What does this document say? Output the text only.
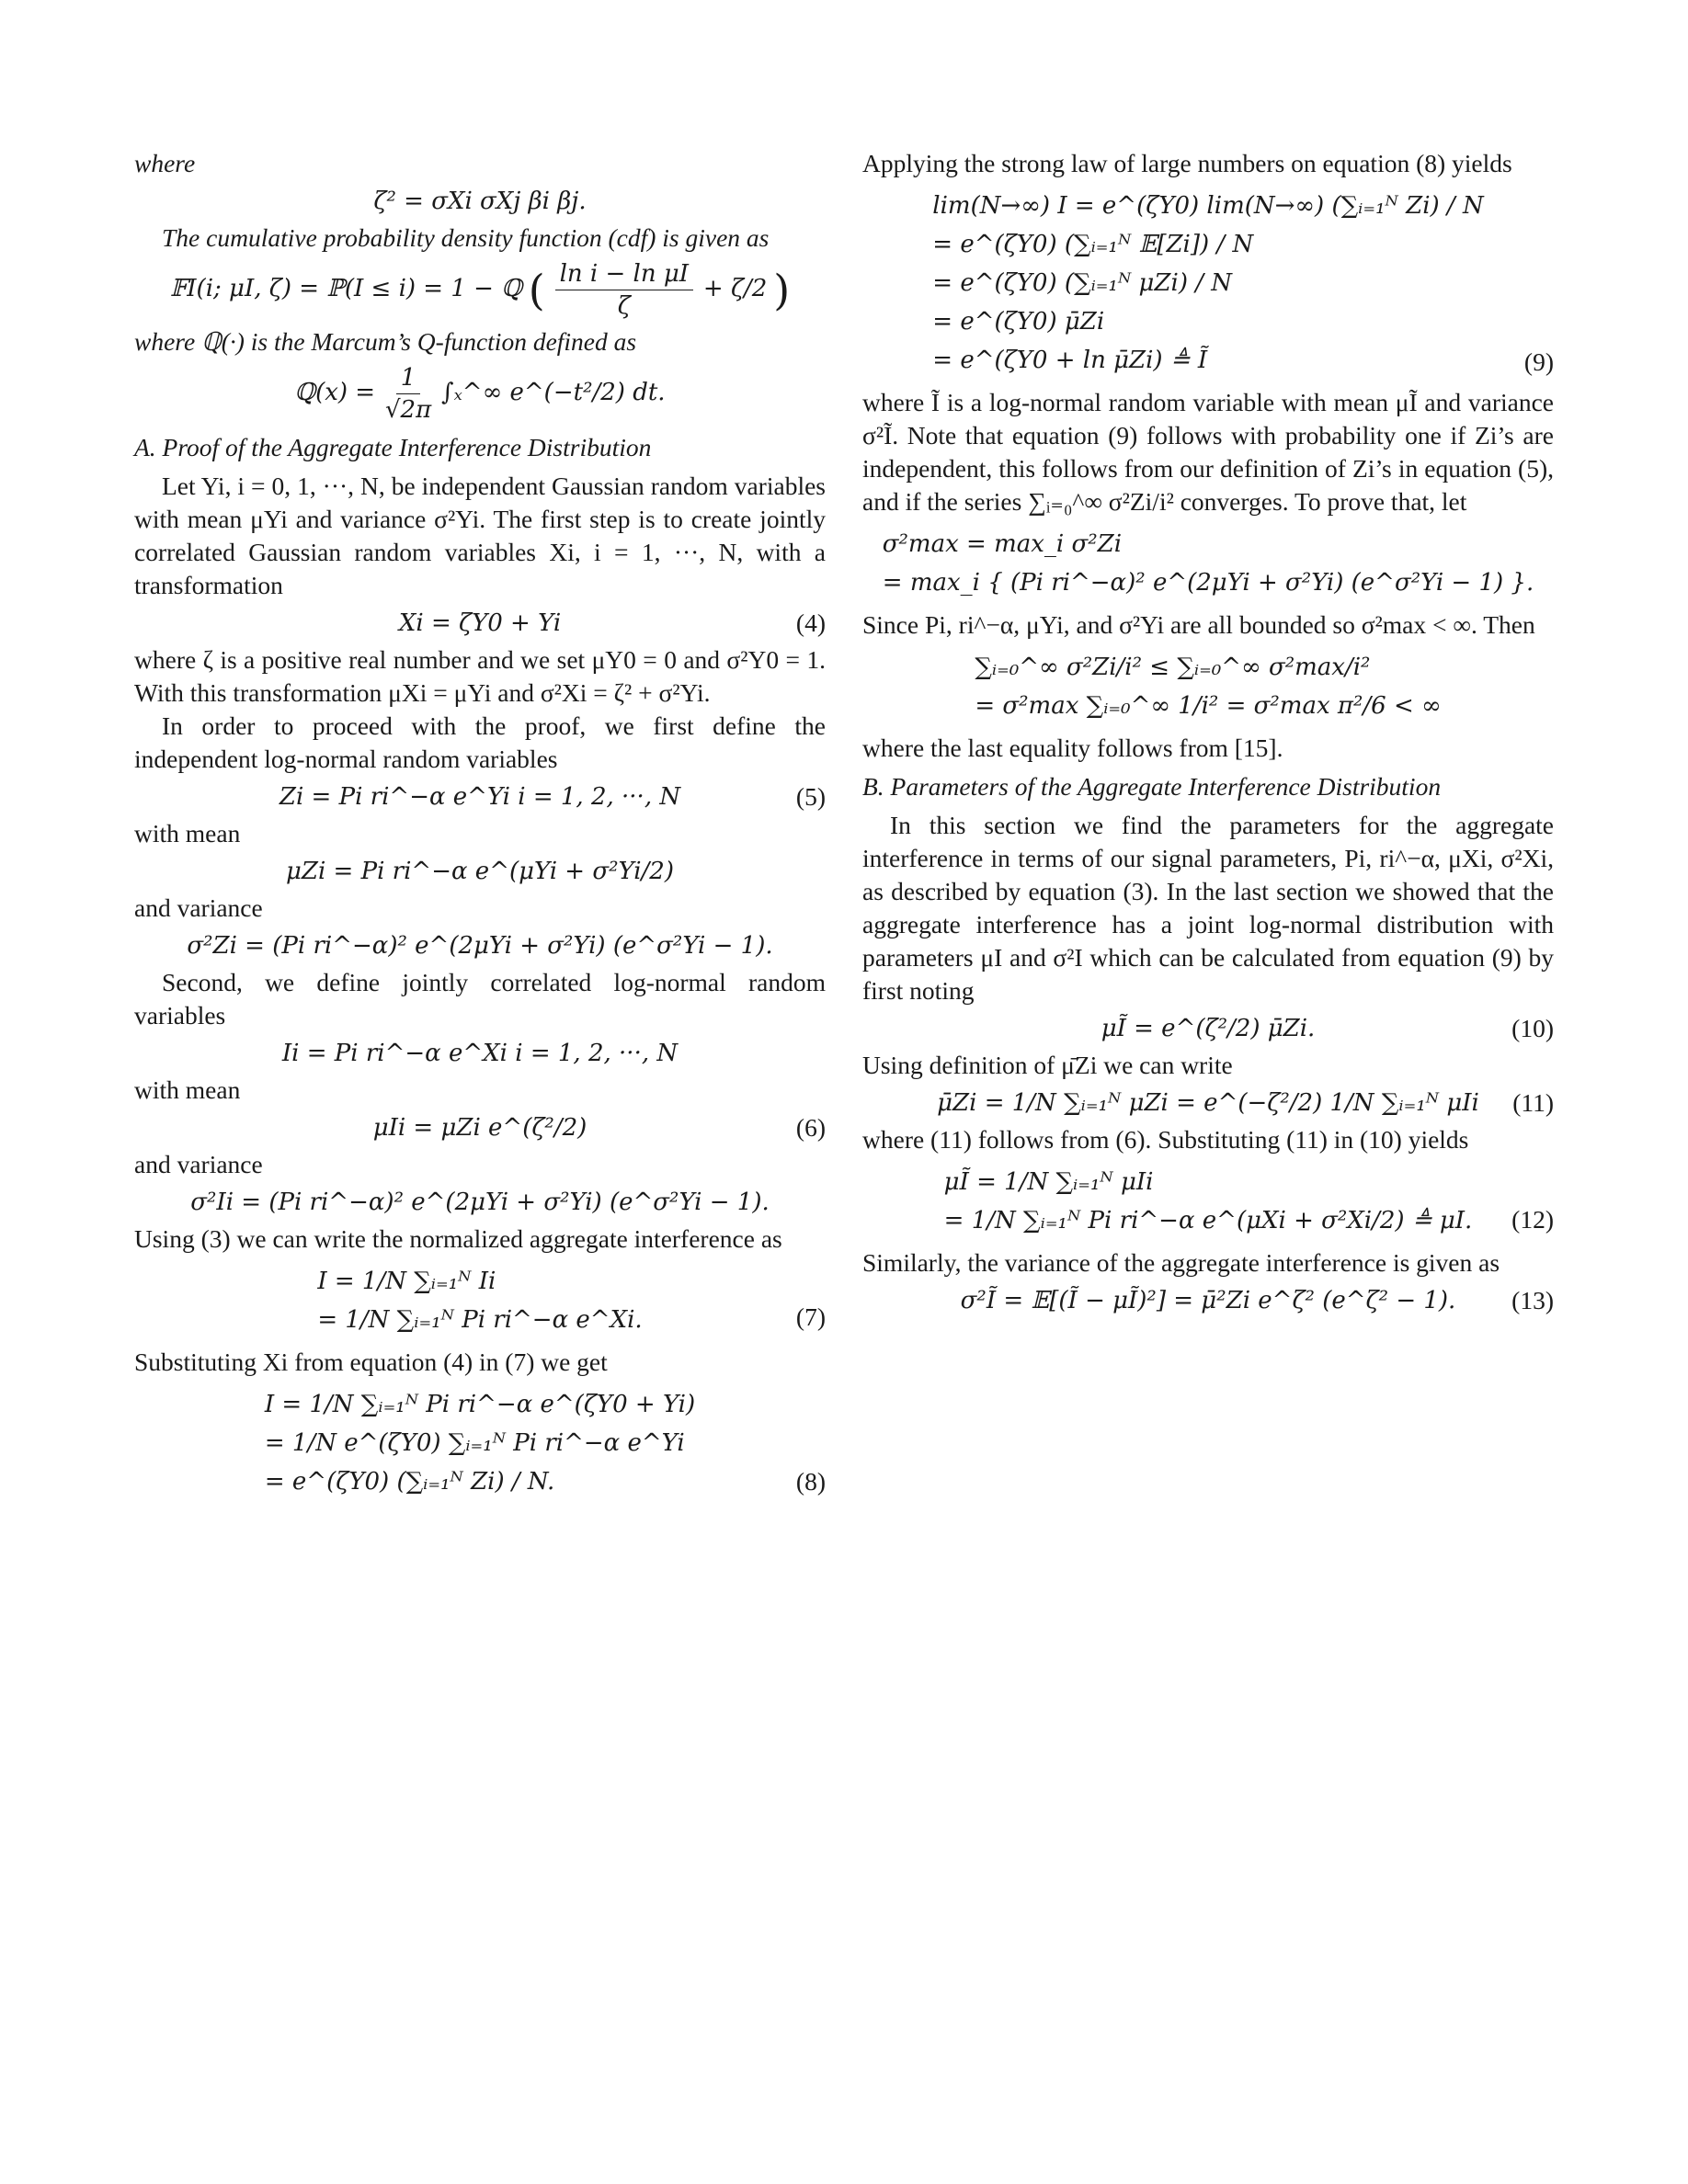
where

ζ² = σXi σXj βi βj.

The cumulative probability density function (cdf) is given as

𝔽I(i; μI, ζ) = ℙ(I ≤ i) = 1 − ℚ ( $\frac{\text{ln i − ln μI}}{\zeta} + \zeta/2$ )

where ℚ(·) is the Marcum’s Q-function defined as

ℚ(x) = $\frac{1}{√2\pi}$ ∫ₓ^∞ e^(−t²/2) dt.

A. Proof of the Aggregate Interference Distribution

Let Yi, i = 0, 1, ···, N, be independent Gaussian random variables with mean μYi and variance σ²Yi. The first step is to create jointly correlated Gaussian random variables Xi, i = 1, ···, N, with a transformation

Xi = ζY0 + Yi	(4)

where ζ is a positive real number and we set μY0 = 0 and σ²Y0 = 1. With this transformation μXi = μYi and σ²Xi = ζ² + σ²Yi.

In order to proceed with the proof, we first define the independent log-normal random variables

Zi = Pi ri^−α e^Yi i = 1, 2, ···, N	(5)

with mean

μZi = Pi ri^−α e^(μYi + σ²Yi/2)

and variance

σ²Zi = (Pi ri^−α)² e^(2μYi + σ²Yi) (e^σ²Yi − 1).

Second, we define jointly correlated log-normal random variables

Ii = Pi ri^−α e^Xi i = 1, 2, ···, N

with mean

μIi = μZi e^(ζ²/2)	(6)

and variance

σ²Ii = (Pi ri^−α)² e^(2μYi + σ²Yi) (e^σ²Yi − 1).

Using (3) we can write the normalized aggregate interference as

I = 1/N ∑ᵢ₌₁ᴺ Ii
= 1/N ∑ᵢ₌₁ᴺ Pi ri^−α e^Xi.	(7)

Substituting Xi from equation (4) in (7) we get

I = 1/N ∑ᵢ₌₁ᴺ Pi ri^−α e^(ζY0 + Yi)
= 1/N e^(ζY0) ∑ᵢ₌₁ᴺ Pi ri^−α e^Yi
= e^(ζY0) (∑ᵢ₌₁ᴺ Zi) / N.	(8)

Applying the strong law of large numbers on equation (8) yields

lim(N→∞) I = e^(ζY0) lim(N→∞) (∑ᵢ₌₁ᴺ Zi) / N
= e^(ζY0) (∑ᵢ₌₁ᴺ 𝔼[Zi]) / N
= e^(ζY0) (∑ᵢ₌₁ᴺ μZi) / N
= e^(ζY0) μ̄Zi
= e^(ζY0 + ln μ̄Zi) ≜ Ĩ	(9)

where Ĩ is a log-normal random variable with mean μĨ and variance σ²Ĩ. Note that equation (9) follows with probability one if Zi’s are independent, this follows from our definition of Zi’s in equation (5), and if the series ∑ᵢ₌₀^∞ σ²Zi/i² converges. To prove that, let

σ²max = max_i σ²Zi
= max_i { (Pi ri^−α)² e^(2μYi + σ²Yi) (e^σ²Yi − 1) }.

Since Pi, ri^−α, μYi, and σ²Yi are all bounded so σ²max < ∞. Then

∑ᵢ₌₀^∞ σ²Zi/i² ≤ ∑ᵢ₌₀^∞ σ²max/i²
= σ²max ∑ᵢ₌₀^∞ 1/i² = σ²max π²/6 < ∞

where the last equality follows from [15].

B. Parameters of the Aggregate Interference Distribution

In this section we find the parameters for the aggregate interference in terms of our signal parameters, Pi, ri^−α, μXi, σ²Xi, as described by equation (3). In the last section we showed that the aggregate interference has a joint log-normal distribution with parameters μI and σ²I which can be calculated from equation (9) by first noting

μĨ = e^(ζ²/2) μ̄Zi.	(10)

Using definition of μ̄Zi we can write

μ̄Zi = 1/N ∑ᵢ₌₁ᴺ μZi = e^(−ζ²/2) 1/N ∑ᵢ₌₁ᴺ μIi (11)

where (11) follows from (6). Substituting (11) in (10) yields

μĨ = 1/N ∑ᵢ₌₁ᴺ μIi
= 1/N ∑ᵢ₌₁ᴺ Pi ri^−α e^(μXi + σ²Xi/2) ≜ μI. (12)

Similarly, the variance of the aggregate interference is given as

σ²Ĩ = 𝔼[(Ĩ − μĨ)²] = μ̄²Zi e^ζ² (e^ζ² − 1). (13)
